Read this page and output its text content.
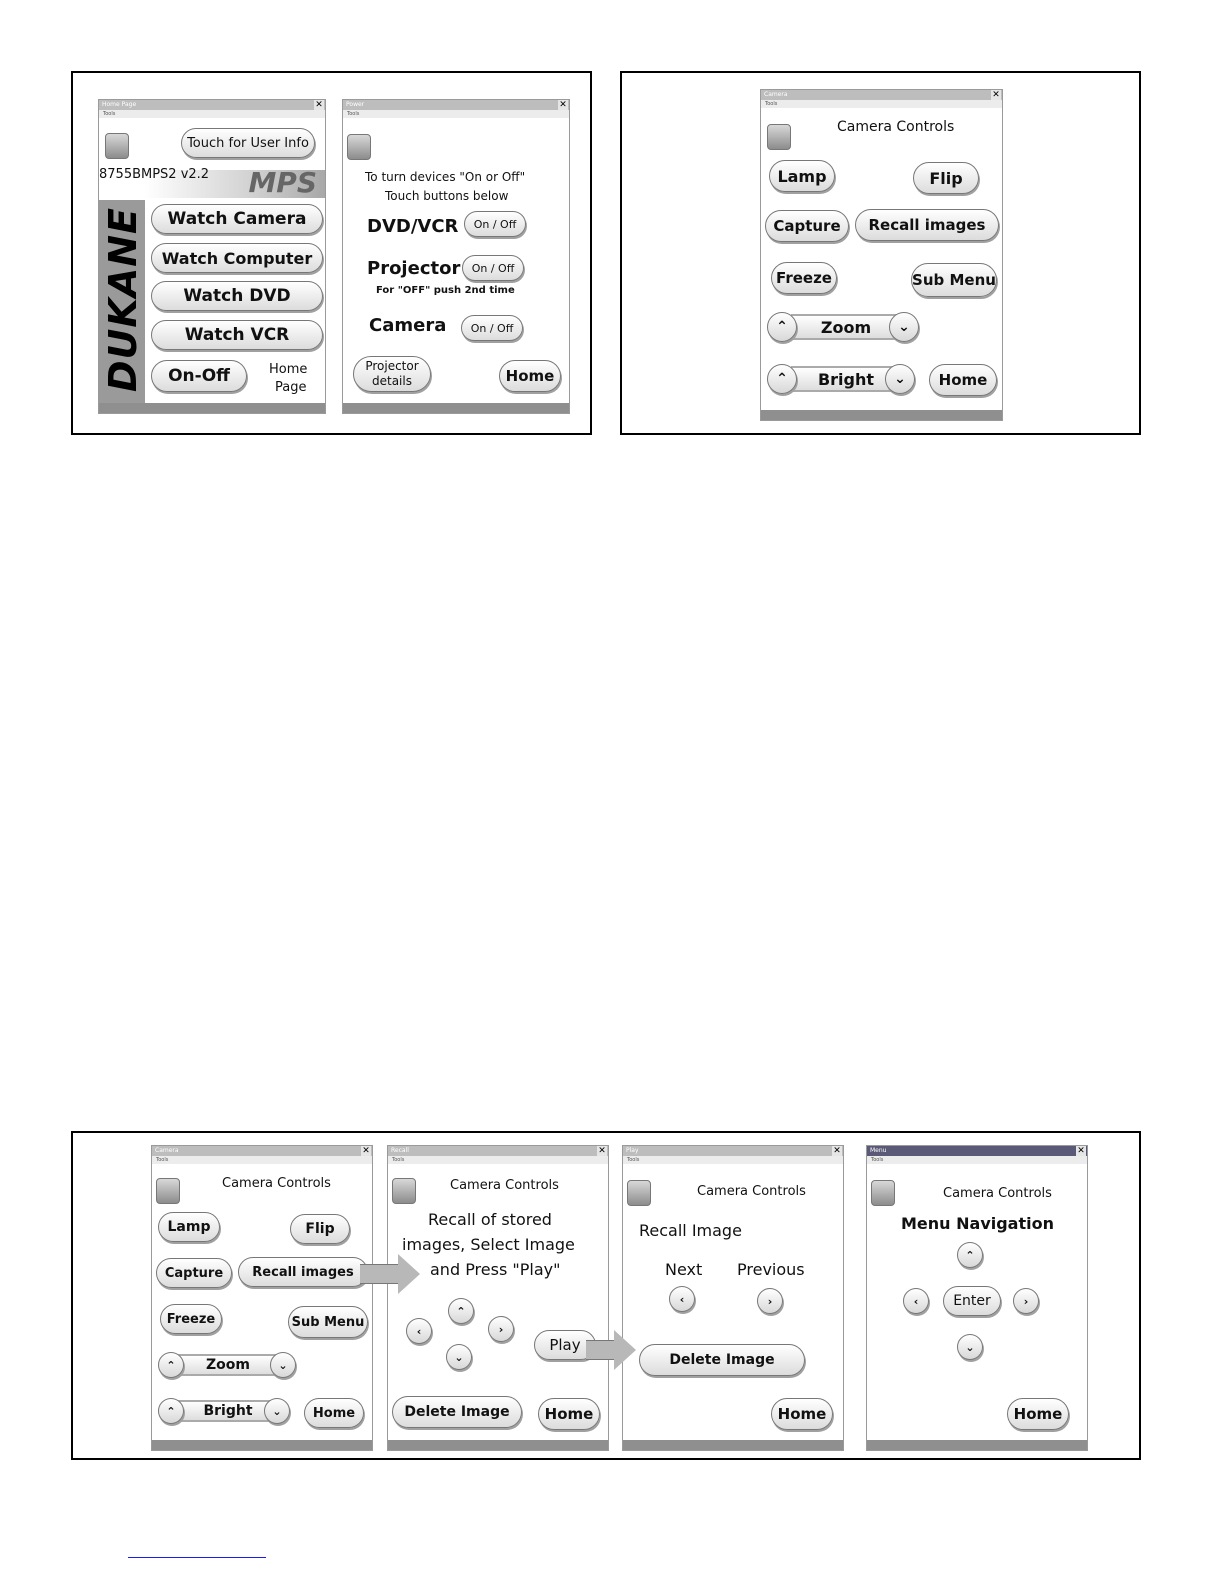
Home Page	✕
Tools
Touch for User Info
8755BMPS2 v2.2 MPS
DUKANE	Watch Camera
Watch Computer
Watch DVD
Watch VCR
On-Off	Home
Page
Power	✕
Tools
To turn devices "On or Off"
Touch buttons below
DVD/VCR	On / Off
Projector	On / Off
For "OFF" push 2nd time
Camera	On / Off
Projector
details	Home
Camera	✕
Tools
Camera Controls
Lamp	Flip
Capture	Recall images
Freeze	Sub Menu
Zoom
⌃	⌄
Bright
⌃	⌄	Home
Camera	✕
Tools
Camera Controls
Lamp	Flip
Capture	Recall images
Freeze	Sub Menu
Zoom
⌃	⌄
Bright
⌃	⌄	Home
Recall	✕
Tools
Camera Controls
Recall of stored
images, Select Image
and Press "Play"
⌃
‹	›
⌄
Play
Delete Image	Home
Play	✕
Tools
Camera Controls
Recall Image
Next Previous
‹	›
Delete Image
Home
Menu	✕
Tools
Camera Controls
Menu Navigation
⌃
‹	Enter	›
⌄
Home
